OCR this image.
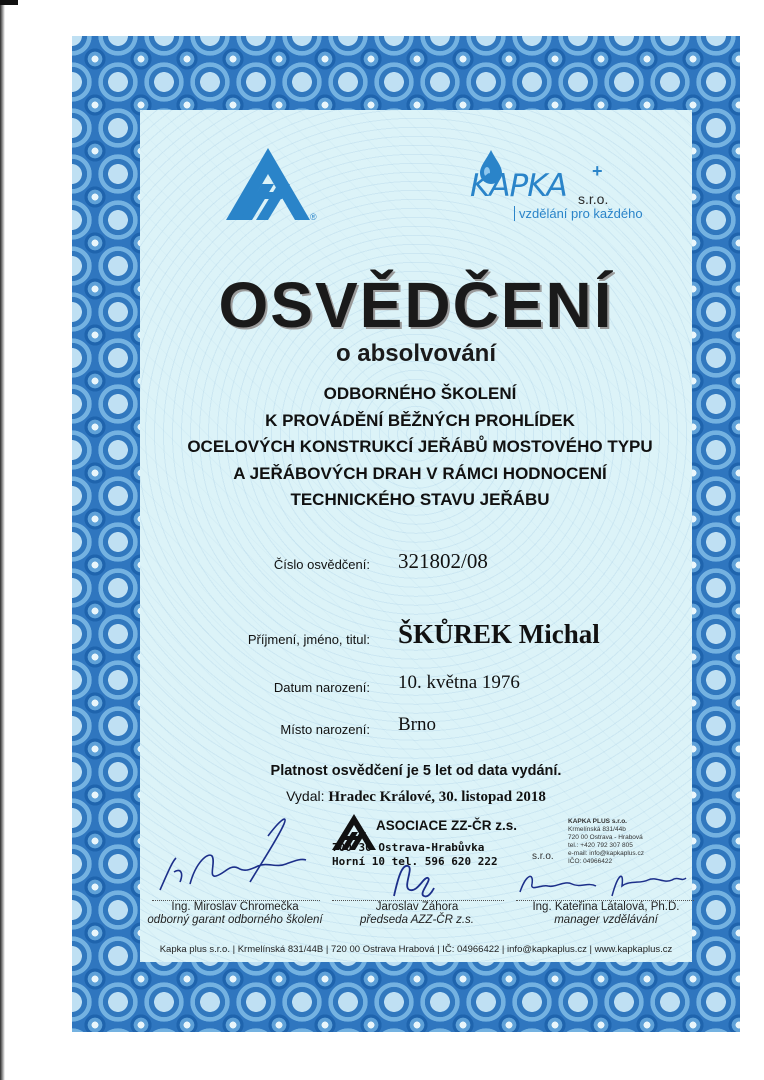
®
KAPKA +
s.r.o.
vzdělání pro každého
OSVĚDČENÍ
o absolvování
ODBORNÉHO ŠKOLENÍ
K PROVÁDĚNÍ BĚŽNÝCH PROHLÍDEK
OCELOVÝCH KONSTRUKCÍ JEŘÁBŮ MOSTOVÉHO TYPU
A JEŘÁBOVÝCH DRAH V RÁMCI HODNOCENÍ
TECHNICKÉHO STAVU JEŘÁBU
Číslo osvědčení: 321802/08
Příjmení, jméno, titul: ŠKŮREK Michal
Datum narození: 10. května 1976
Místo narození: Brno
Platnost osvědčení je 5 let od data vydání.
Vydal: Hradec Králové, 30. listopad 2018
ASOCIACE ZZ-ČR z.s.
700 30 Ostrava-Hrabůvka
Horní 10 tel. 596 620 222	s.r.o.
KAPKA PLUS s.r.o.
Krmelínská 831/44b
720 00 Ostrava - Hrabová
tel.: +420 792 307 805
e-mail: info@kapkaplus.cz
IČO: 04966422
Ing. Miroslav Chromečka
odborný garant odborného školení
Jaroslav Záhora
předseda AZZ-ČR z.s.
Ing. Kateřina Látalová, Ph.D.
manager vzdělávání
Kapka plus s.r.o. | Krmelínská 831/44B | 720 00 Ostrava Hrabová | IČ: 04966422 | info@kapkaplus.cz | www.kapkaplus.cz
